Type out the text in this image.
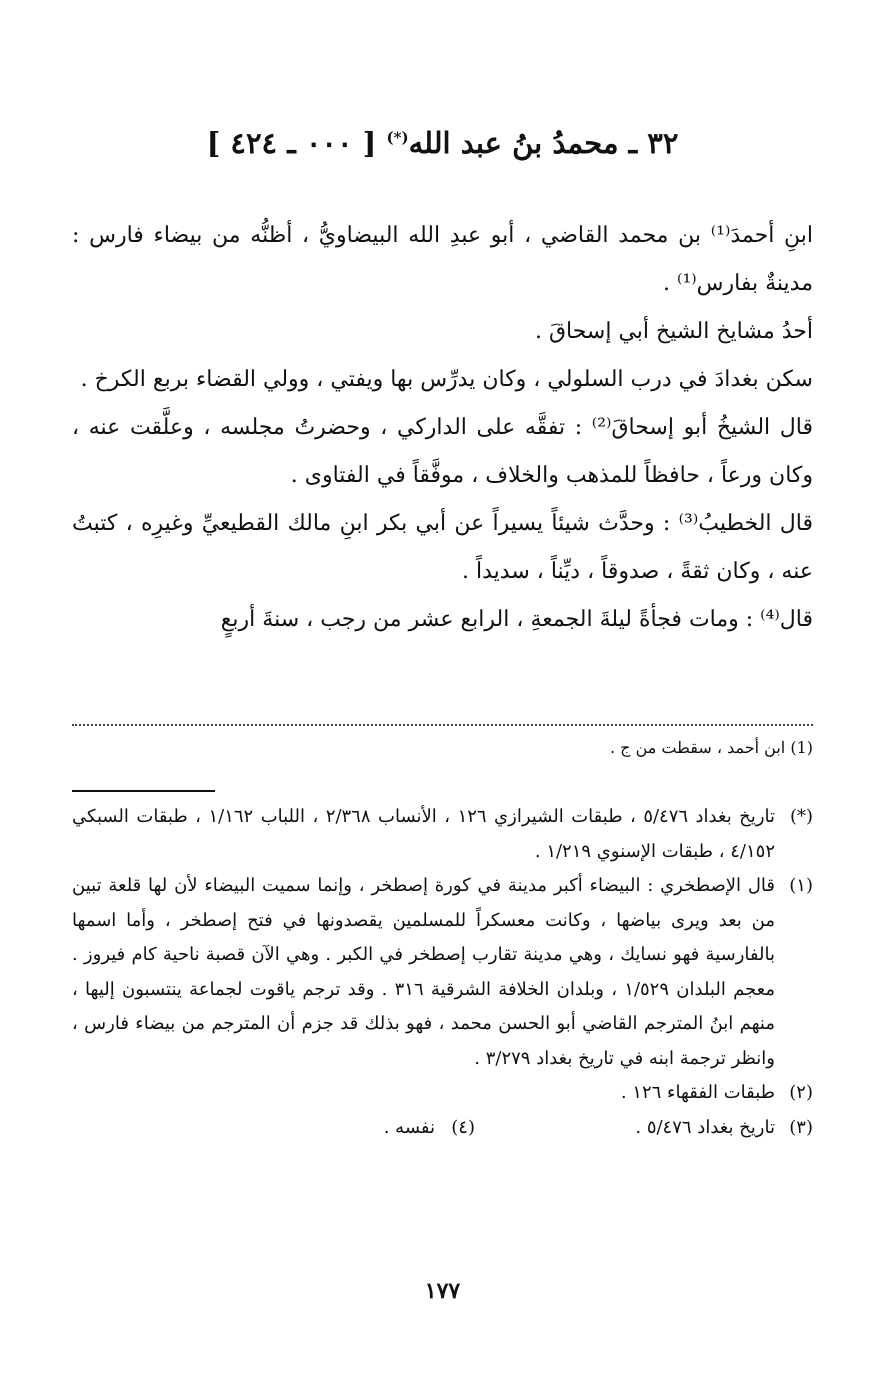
٣٢ ـ محمدُ بنُ عبد الله(*) [ ٠٠٠ ـ ٤٢٤ ]

ابنِ أحمدَ⁽¹⁾ بن محمد القاضي ، أبو عبدِ الله البيضاويُّ ، أظنُّه من بيضاء فارس : مدينةٌ بفارس⁽¹⁾ .

أحدُ مشايخ الشيخ أبي إسحاقَ .

سكن بغدادَ في درب السلولي ، وكان يدرِّس بها ويفتي ، وولي القضاء بربع الكرخ .

قال الشيخُ أبو إسحاقَ⁽²⁾ : تفقَّه على الداركي ، وحضرتُ مجلسه ، وعلَّقت عنه ، وكان ورعاً ، حافظاً للمذهب والخلاف ، موفَّقاً في الفتاوى .

قال الخطيبُ⁽³⁾ : وحدَّث شيئاً يسيراً عن أبي بكر ابنِ مالك القطيعيِّ وغيرِه ، كتبتُ عنه ، وكان ثقةً ، صدوقاً ، ديِّناً ، سديداً .

قال⁽⁴⁾ : ومات فجأةً ليلةَ الجمعةِ ، الرابع عشر من رجب ، سنةَ أربعٍ

(1) ابن أحمد ، سقطت من ج .
(*)
تاريخ بغداد ٥/٤٧٦ ، طبقات الشيرازي ١٢٦ ، الأنساب ٢/٣٦٨ ، اللباب ١/١٦٢ ، طبقات السبكي ٤/١٥٢ ، طبقات الإسنوي ١/٢١٩ .
(١)
قال الإصطخري : البيضاء أكبر مدينة في كورة إصطخر ، وإنما سميت البيضاء لأن لها قلعة تبين من بعد ويرى بياضها ، وكانت معسكراً للمسلمين يقصدونها في فتح إصطخر ، وأما اسمها بالفارسية فهو نسايك ، وهي مدينة تقارب إصطخر في الكبر . وهي الآن قصبة ناحية كام فيروز . معجم البلدان ١/٥٢٩ ، وبلدان الخلافة الشرقية ٣١٦ . وقد ترجم ياقوت لجماعة ينتسبون إليها ، منهم ابنُ المترجم القاضي أبو الحسن محمد ، فهو بذلك قد جزم أن المترجم من بيضاء فارس ، وانظر ترجمة ابنه في تاريخ بغداد ٣/٢٧٩ .
(٢)
طبقات الفقهاء ١٢٦ .
(٣)
تاريخ بغداد ٥/٤٧٦ .
(٤)
نفسه .
١٧٧
